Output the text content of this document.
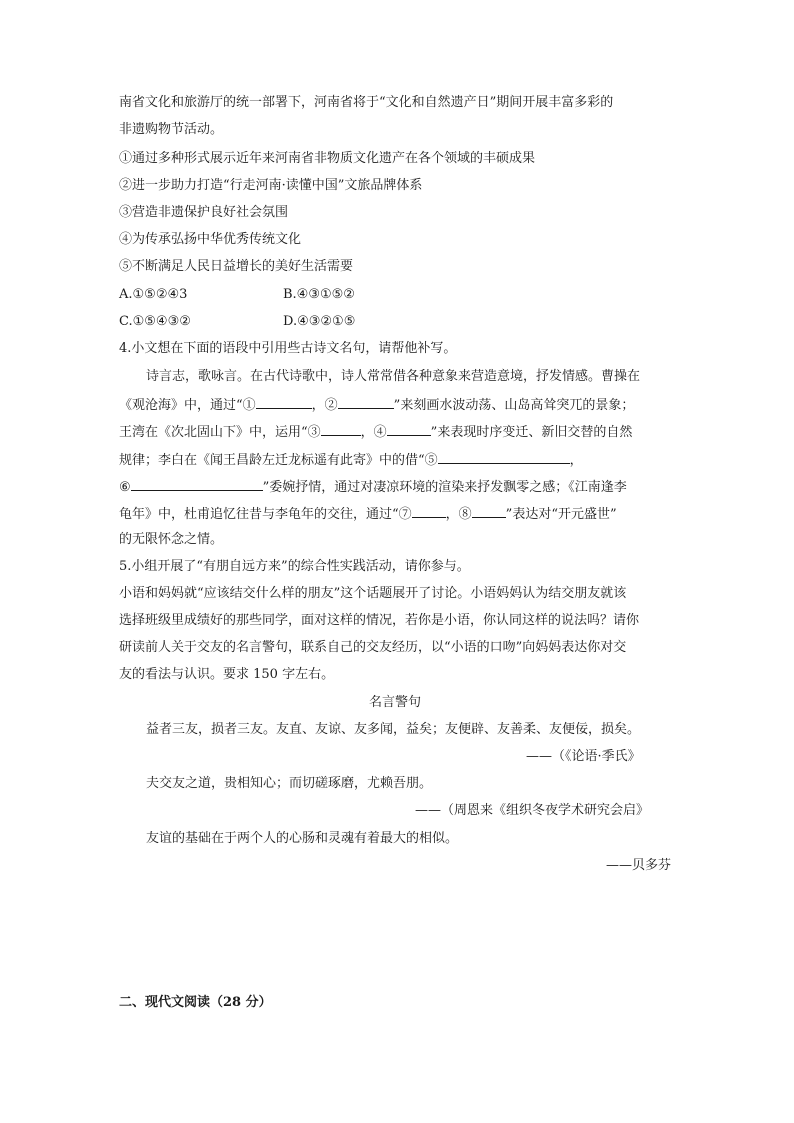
南省文化和旅游厅的统一部署下，河南省将于“文化和自然遗产日”期间开展丰富多彩的
非遗购物节活动。
①通过多种形式展示近年来河南省非物质文化遗产在各个领域的丰硕成果
②进一步助力打造“行走河南·读懂中国”文旅品牌体系
③营造非遗保护良好社会氛围
④为传承弘扬中华优秀传统文化
⑤不断满足人民日益增长的美好生活需要
A.①⑤②④3	B.④③①⑤②
C.①⑤④③②	D.④③②①⑤
4.小文想在下面的语段中引用些古诗文名句，请帮他补写。
诗言志，歌咏言。在古代诗歌中，诗人常常借各种意象来营造意境，抒发情感。曹操在
《观沧海》中，通过“①	，②	”来刻画水波动荡、山岛高耸突兀的景象；
王湾在《次北固山下》中，运用“③	，④	”来表现时序变迁、新旧交替的自然
规律；李白在《闻王昌龄左迁龙标遥有此寄》中的借“⑤	，
⑥	”委婉抒情，通过对凄凉环境的渲染来抒发飘零之感；《江南逢李
龟年》中，杜甫追忆往昔与李龟年的交往，通过“⑦	，⑧	”表达对“开元盛世”
的无限怀念之情。
5.小组开展了“有朋自远方来”的综合性实践活动，请你参与。
小语和妈妈就“应该结交什么样的朋友”这个话题展开了讨论。小语妈妈认为结交朋友就该
选择班级里成绩好的那些同学，面对这样的情况，若你是小语，你认同这样的说法吗？请你
研读前人关于交友的名言警句，联系自己的交友经历，以“小语的口吻”向妈妈表达你对交
友的看法与认识。要求 150 字左右。
名言警句
益者三友，损者三友。友直、友谅、友多闻，益矣；友便辟、友善柔、友便佞，损矣。
——（《论语·季氏》
夫交友之道，贵相知心；而切磋琢磨，尤赖吾朋。
——（周恩来《组织冬夜学术研究会启》
友谊的基础在于两个人的心肠和灵魂有着最大的相似。
——贝多芬
二、现代文阅读（28 分）
